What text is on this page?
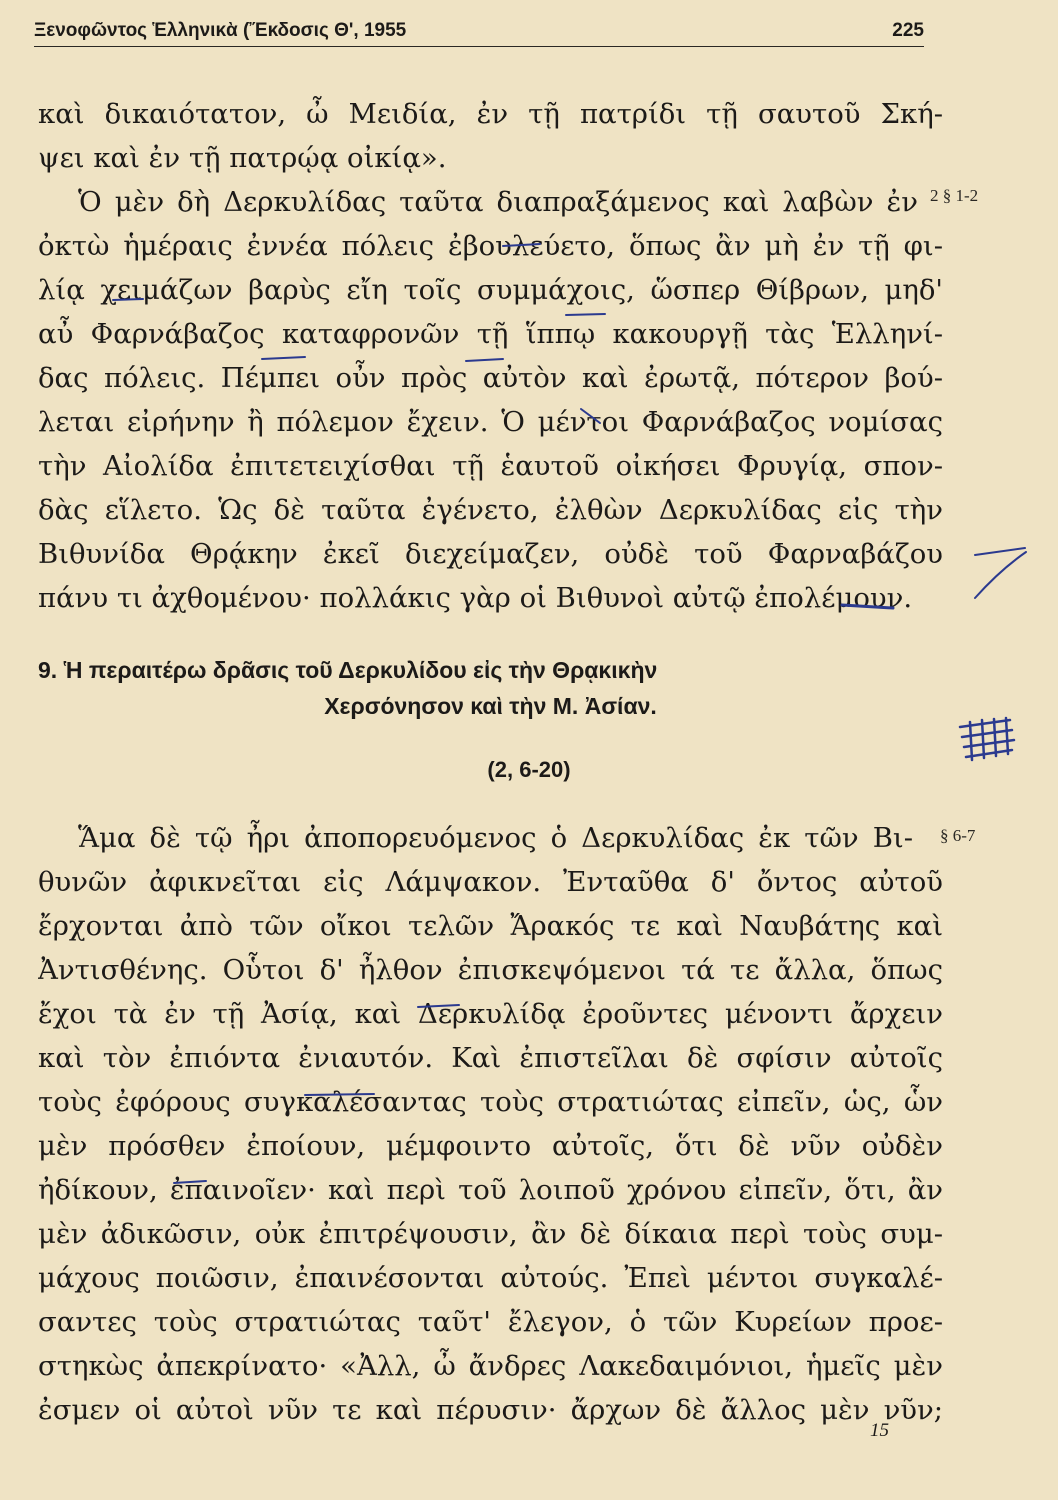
Ξενοφῶντος Ἑλληνικὰ (Ἔκδοσις Θ', 1955	225
καὶ δικαιότατον, ὦ Μειδία, ἐν τῇ πατρίδι τῇ σαυτοῦ Σκή-
ψει καὶ ἐν τῇ πατρῴᾳ οἰκίᾳ».
Ὁ μὲν δὴ Δερκυλίδας ταῦτα διαπραξάμενος καὶ λαβὼν ἐν
ὀκτὼ ἡμέραις ἐννέα πόλεις ἐβουλεύετο, ὅπως ἂν μὴ ἐν τῇ φι-
λίᾳ χειμάζων βαρὺς εἴη τοῖς συμμάχοις, ὥσπερ Θίβρων, μηδ'
αὖ Φαρνάβαζος καταφρονῶν τῇ ἵππῳ κακουργῇ τὰς Ἑλληνί-
δας πόλεις. Πέμπει οὖν πρὸς αὐτὸν καὶ ἐρωτᾷ, πότερον βού-
λεται εἰρήνην ἢ πόλεμον ἔχειν. Ὁ μέντοι Φαρνάβαζος νομίσας
τὴν Αἰολίδα ἐπιτετειχίσθαι τῇ ἑαυτοῦ οἰκήσει Φρυγίᾳ, σπον-
δὰς εἵλετο. Ὡς δὲ ταῦτα ἐγένετο, ἐλθὼν Δερκυλίδας εἰς τὴν
Βιθυνίδα Θρᾴκην ἐκεῖ διεχείμαζεν, οὐδὲ τοῦ Φαρναβάζου
πάνυ τι ἀχθομένου· πολλάκις γὰρ οἱ Βιθυνοὶ αὐτῷ ἐπολέμουν.
2 § 1-2
9. Ἡ περαιτέρω δρᾶσις τοῦ Δερκυλίδου εἰς τὴν Θρᾳκικὴν
Χερσόνησον καὶ τὴν Μ. Ἀσίαν.
(2, 6-20)
Ἅμα δὲ τῷ ἦρι ἀποπορευόμενος ὁ Δερκυλίδας ἐκ τῶν Βι-
θυνῶν ἀφικνεῖται εἰς Λάμψακον. Ἐνταῦθα δ' ὄντος αὐτοῦ
ἔρχονται ἀπὸ τῶν οἴκοι τελῶν Ἄρακός τε καὶ Ναυβάτης καὶ
Ἀντισθένης. Οὗτοι δ' ἦλθον ἐπισκεψόμενοι τά τε ἄλλα, ὅπως
ἔχοι τὰ ἐν τῇ Ἀσίᾳ, καὶ Δερκυλίδᾳ ἐροῦντες μένοντι ἄρχειν
καὶ τὸν ἐπιόντα ἐνιαυτόν. Καὶ ἐπιστεῖλαι δὲ σφίσιν αὐτοῖς
τοὺς ἐφόρους συγκαλέσαντας τοὺς στρατιώτας εἰπεῖν, ὡς, ὧν
μὲν πρόσθεν ἐποίουν, μέμφοιντο αὐτοῖς, ὅτι δὲ νῦν οὐδὲν
ἠδίκουν, ἐπαινοῖεν· καὶ περὶ τοῦ λοιποῦ χρόνου εἰπεῖν, ὅτι, ἂν
μὲν ἀδικῶσιν, οὐκ ἐπιτρέψουσιν, ἂν δὲ δίκαια περὶ τοὺς συμ-
μάχους ποιῶσιν, ἐπαινέσονται αὐτούς. Ἐπεὶ μέντοι συγκαλέ-
σαντες τοὺς στρατιώτας ταῦτ' ἔλεγον, ὁ τῶν Κυρείων προε-
στηκὼς ἀπεκρίνατο· «Ἀλλ, ὦ ἄνδρες Λακεδαιμόνιοι, ἡμεῖς μὲν
ἐσμεν οἱ αὐτοὶ νῦν τε καὶ πέρυσιν· ἄρχων δὲ ἄλλος μὲν νῦν;
§ 6-7
15
